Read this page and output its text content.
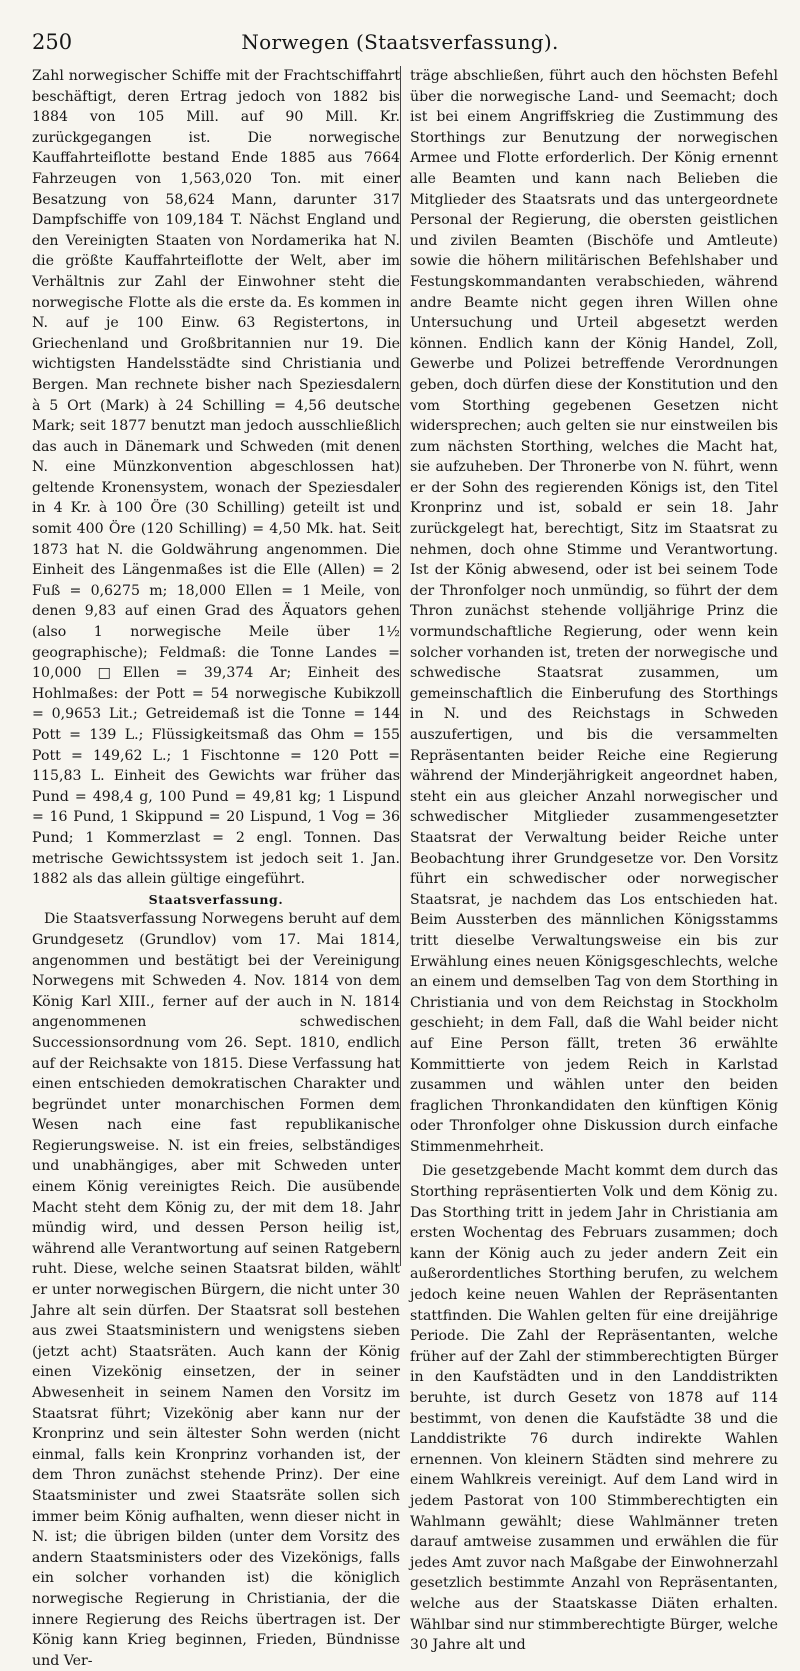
250	Norwegen (Staatsverfassung).

Zahl norwegischer Schiffe mit der Frachtschiffahrt beschäftigt, deren Ertrag jedoch von 1882 bis 1884 von 105 Mill. auf 90 Mill. Kr. zurückgegangen ist. Die norwegische Kauffahrteiflotte bestand Ende 1885 aus 7664 Fahrzeugen von 1,563,020 Ton. mit einer Besatzung von 58,624 Mann, darunter 317 Dampfschiffe von 109,184 T. Nächst England und den Vereinigten Staaten von Nordamerika hat N. die größte Kauffahrteiflotte der Welt, aber im Verhältnis zur Zahl der Einwohner steht die norwegische Flotte als die erste da. Es kommen in N. auf je 100 Einw. 63 Registertons, in Griechenland und Großbritannien nur 19. Die wichtigsten Handelsstädte sind Christiania und Bergen. Man rechnete bisher nach Speziesdalern à 5 Ort (Mark) à 24 Schilling = 4,56 deutsche Mark; seit 1877 benutzt man jedoch ausschließlich das auch in Dänemark und Schweden (mit denen N. eine Münzkonvention abgeschlossen hat) geltende Kronensystem, wonach der Speziesdaler in 4 Kr. à 100 Öre (30 Schilling) geteilt ist und somit 400 Öre (120 Schilling) = 4,50 Mk. hat. Seit 1873 hat N. die Goldwährung angenommen. Die Einheit des Längenmaßes ist die Elle (Allen) = 2 Fuß = 0,6275 m; 18,000 Ellen = 1 Meile, von denen 9,83 auf einen Grad des Äquators gehen (also 1 norwegische Meile über 1½ geographische); Feldmaß: die Tonne Landes = 10,000 □Ellen = 39,374 Ar; Einheit des Hohlmaßes: der Pott = 54 norwegische Kubikzoll = 0,9653 Lit.; Getreidemaß ist die Tonne = 144 Pott = 139 L.; Flüssigkeitsmaß das Ohm = 155 Pott = 149,62 L.; 1 Fischtonne = 120 Pott = 115,83 L. Einheit des Gewichts war früher das Pund = 498,4 g, 100 Pund = 49,81 kg; 1 Lispund = 16 Pund, 1 Skippund = 20 Lispund, 1 Vog = 36 Pund; 1 Kommerzlast = 2 engl. Tonnen. Das metrische Gewichtssystem ist jedoch seit 1. Jan. 1882 als das allein gültige eingeführt.

Staatsverfassung.

Die Staatsverfassung Norwegens beruht auf dem Grundgesetz (Grundlov) vom 17. Mai 1814, angenommen und bestätigt bei der Vereinigung Norwegens mit Schweden 4. Nov. 1814 von dem König Karl XIII., ferner auf der auch in N. 1814 angenommenen schwedischen Successionsordnung vom 26. Sept. 1810, endlich auf der Reichsakte von 1815. Diese Verfassung hat einen entschieden demokratischen Charakter und begründet unter monarchischen Formen dem Wesen nach eine fast republikanische Regierungsweise. N. ist ein freies, selbständiges und unabhängiges, aber mit Schweden unter einem König vereinigtes Reich. Die ausübende Macht steht dem König zu, der mit dem 18. Jahr mündig wird, und dessen Person heilig ist, während alle Verantwortung auf seinen Ratgebern ruht. Diese, welche seinen Staatsrat bilden, wählt er unter norwegischen Bürgern, die nicht unter 30 Jahre alt sein dürfen. Der Staatsrat soll bestehen aus zwei Staatsministern und wenigstens sieben (jetzt acht) Staatsräten. Auch kann der König einen Vizekönig einsetzen, der in seiner Abwesenheit in seinem Namen den Vorsitz im Staatsrat führt; Vizekönig aber kann nur der Kronprinz und sein ältester Sohn werden (nicht einmal, falls kein Kronprinz vorhanden ist, der dem Thron zunächst stehende Prinz). Der eine Staatsminister und zwei Staatsräte sollen sich immer beim König aufhalten, wenn dieser nicht in N. ist; die übrigen bilden (unter dem Vorsitz des andern Staatsministers oder des Vizekönigs, falls ein solcher vorhanden ist) die königlich norwegische Regierung in Christiania, der die innere Regierung des Reichs übertragen ist. Der König kann Krieg beginnen, Frieden, Bündnisse und Ver-

träge abschließen, führt auch den höchsten Befehl über die norwegische Land- und Seemacht; doch ist bei einem Angriffskrieg die Zustimmung des Storthings zur Benutzung der norwegischen Armee und Flotte erforderlich. Der König ernennt alle Beamten und kann nach Belieben die Mitglieder des Staatsrats und das untergeordnete Personal der Regierung, die obersten geistlichen und zivilen Beamten (Bischöfe und Amtleute) sowie die höhern militärischen Befehlshaber und Festungskommandanten verabschieden, während andre Beamte nicht gegen ihren Willen ohne Untersuchung und Urteil abgesetzt werden können. Endlich kann der König Handel, Zoll, Gewerbe und Polizei betreffende Verordnungen geben, doch dürfen diese der Konstitution und den vom Storthing gegebenen Gesetzen nicht widersprechen; auch gelten sie nur einstweilen bis zum nächsten Storthing, welches die Macht hat, sie aufzuheben. Der Thronerbe von N. führt, wenn er der Sohn des regierenden Königs ist, den Titel Kronprinz und ist, sobald er sein 18. Jahr zurückgelegt hat, berechtigt, Sitz im Staatsrat zu nehmen, doch ohne Stimme und Verantwortung. Ist der König abwesend, oder ist bei seinem Tode der Thronfolger noch unmündig, so führt der dem Thron zunächst stehende volljährige Prinz die vormundschaftliche Regierung, oder wenn kein solcher vorhanden ist, treten der norwegische und schwedische Staatsrat zusammen, um gemeinschaftlich die Einberufung des Storthings in N. und des Reichstags in Schweden auszufertigen, und bis die versammelten Repräsentanten beider Reiche eine Regierung während der Minderjährigkeit angeordnet haben, steht ein aus gleicher Anzahl norwegischer und schwedischer Mitglieder zusammengesetzter Staatsrat der Verwaltung beider Reiche unter Beobachtung ihrer Grundgesetze vor. Den Vorsitz führt ein schwedischer oder norwegischer Staatsrat, je nachdem das Los entschieden hat. Beim Aussterben des männlichen Königsstamms tritt dieselbe Verwaltungsweise ein bis zur Erwählung eines neuen Königsgeschlechts, welche an einem und demselben Tag von dem Storthing in Christiania und von dem Reichstag in Stockholm geschieht; in dem Fall, daß die Wahl beider nicht auf Eine Person fällt, treten 36 erwählte Kommittierte von jedem Reich in Karlstad zusammen und wählen unter den beiden fraglichen Thronkandidaten den künftigen König oder Thronfolger ohne Diskussion durch einfache Stimmenmehrheit.

Die gesetzgebende Macht kommt dem durch das Storthing repräsentierten Volk und dem König zu. Das Storthing tritt in jedem Jahr in Christiania am ersten Wochentag des Februars zusammen; doch kann der König auch zu jeder andern Zeit ein außerordentliches Storthing berufen, zu welchem jedoch keine neuen Wahlen der Repräsentanten stattfinden. Die Wahlen gelten für eine dreijährige Periode. Die Zahl der Repräsentanten, welche früher auf der Zahl der stimmberechtigten Bürger in den Kaufstädten und in den Landdistrikten beruhte, ist durch Gesetz von 1878 auf 114 bestimmt, von denen die Kaufstädte 38 und die Landdistrikte 76 durch indirekte Wahlen ernennen. Von kleinern Städten sind mehrere zu einem Wahlkreis vereinigt. Auf dem Land wird in jedem Pastorat von 100 Stimmberechtigten ein Wahlmann gewählt; diese Wahlmänner treten darauf amtweise zusammen und erwählen die für jedes Amt zuvor nach Maßgabe der Einwohnerzahl gesetzlich bestimmte Anzahl von Repräsentanten, welche aus der Staatskasse Diäten erhalten. Wählbar sind nur stimmberechtigte Bürger, welche 30 Jahre alt und
